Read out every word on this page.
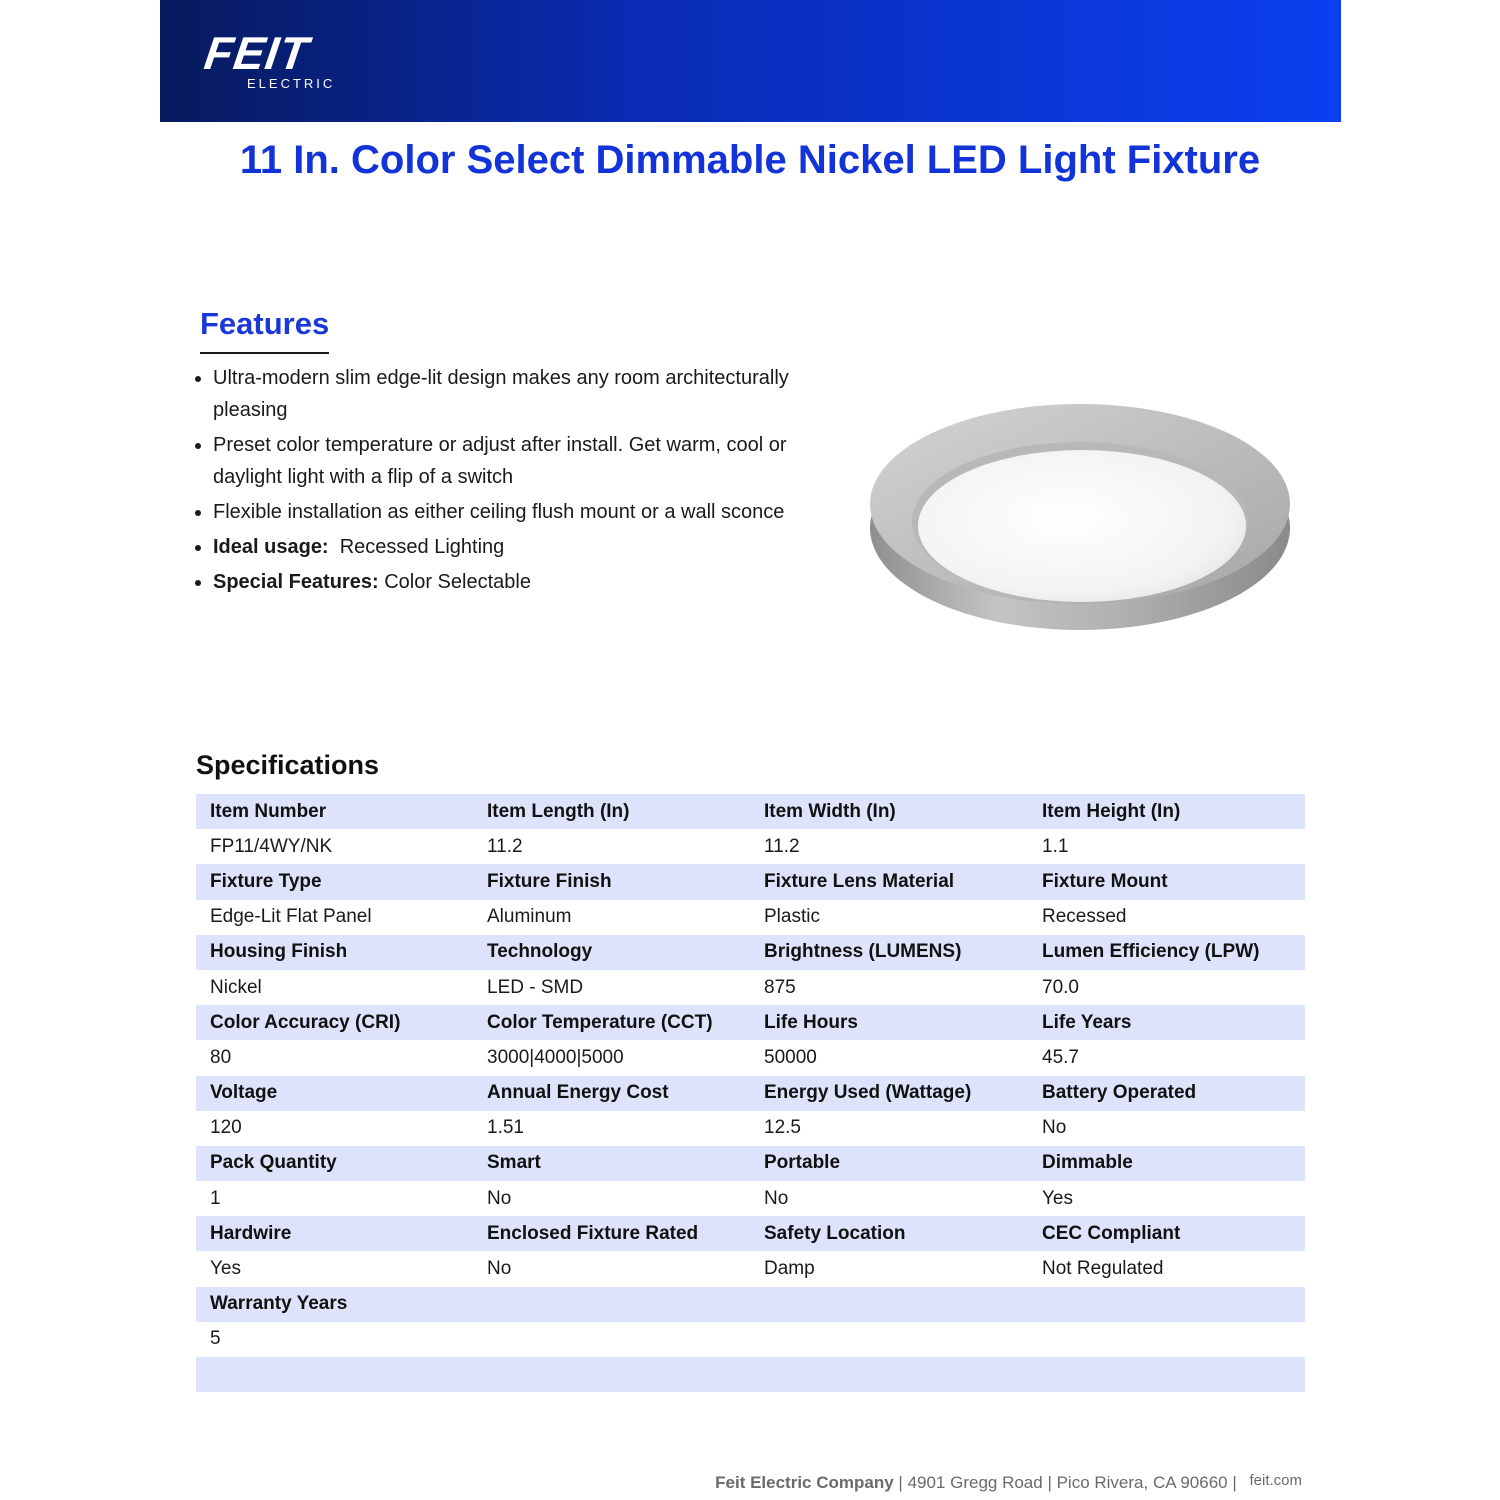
FEIT
ELECTRIC
11 In. Color Select Dimmable Nickel LED Light Fixture
Features
Ultra-modern slim edge-lit design makes any room architecturally pleasing
Preset color temperature or adjust after install. Get warm, cool or daylight light with a flip of a switch
Flexible installation as either ceiling flush mount or a wall sconce
Ideal usage: Recessed Lighting
Special Features: Color Selectable
Specifications
Item Number	Item Length (In)	Item Width (In)	Item Height (In)
FP11/4WY/NK	11.2	11.2	1.1
Fixture Type	Fixture Finish	Fixture Lens Material	Fixture Mount
Edge-Lit Flat Panel	Aluminum	Plastic	Recessed
Housing Finish	Technology	Brightness (LUMENS)	Lumen Efficiency (LPW)
Nickel	LED - SMD	875	70.0
Color Accuracy (CRI)	Color Temperature (CCT)	Life Hours	Life Years
80	3000|4000|5000	50000	45.7
Voltage	Annual Energy Cost	Energy Used (Wattage)	Battery Operated
120	1.51	12.5	No
Pack Quantity	Smart	Portable	Dimmable
1	No	No	Yes
Hardwire	Enclosed Fixture Rated	Safety Location	CEC Compliant
Yes	No	Damp	Not Regulated
Warranty Years			
5			

Feit Electric Company | 4901 Gregg Road | Pico Rivera, CA 90660 | feit.com
